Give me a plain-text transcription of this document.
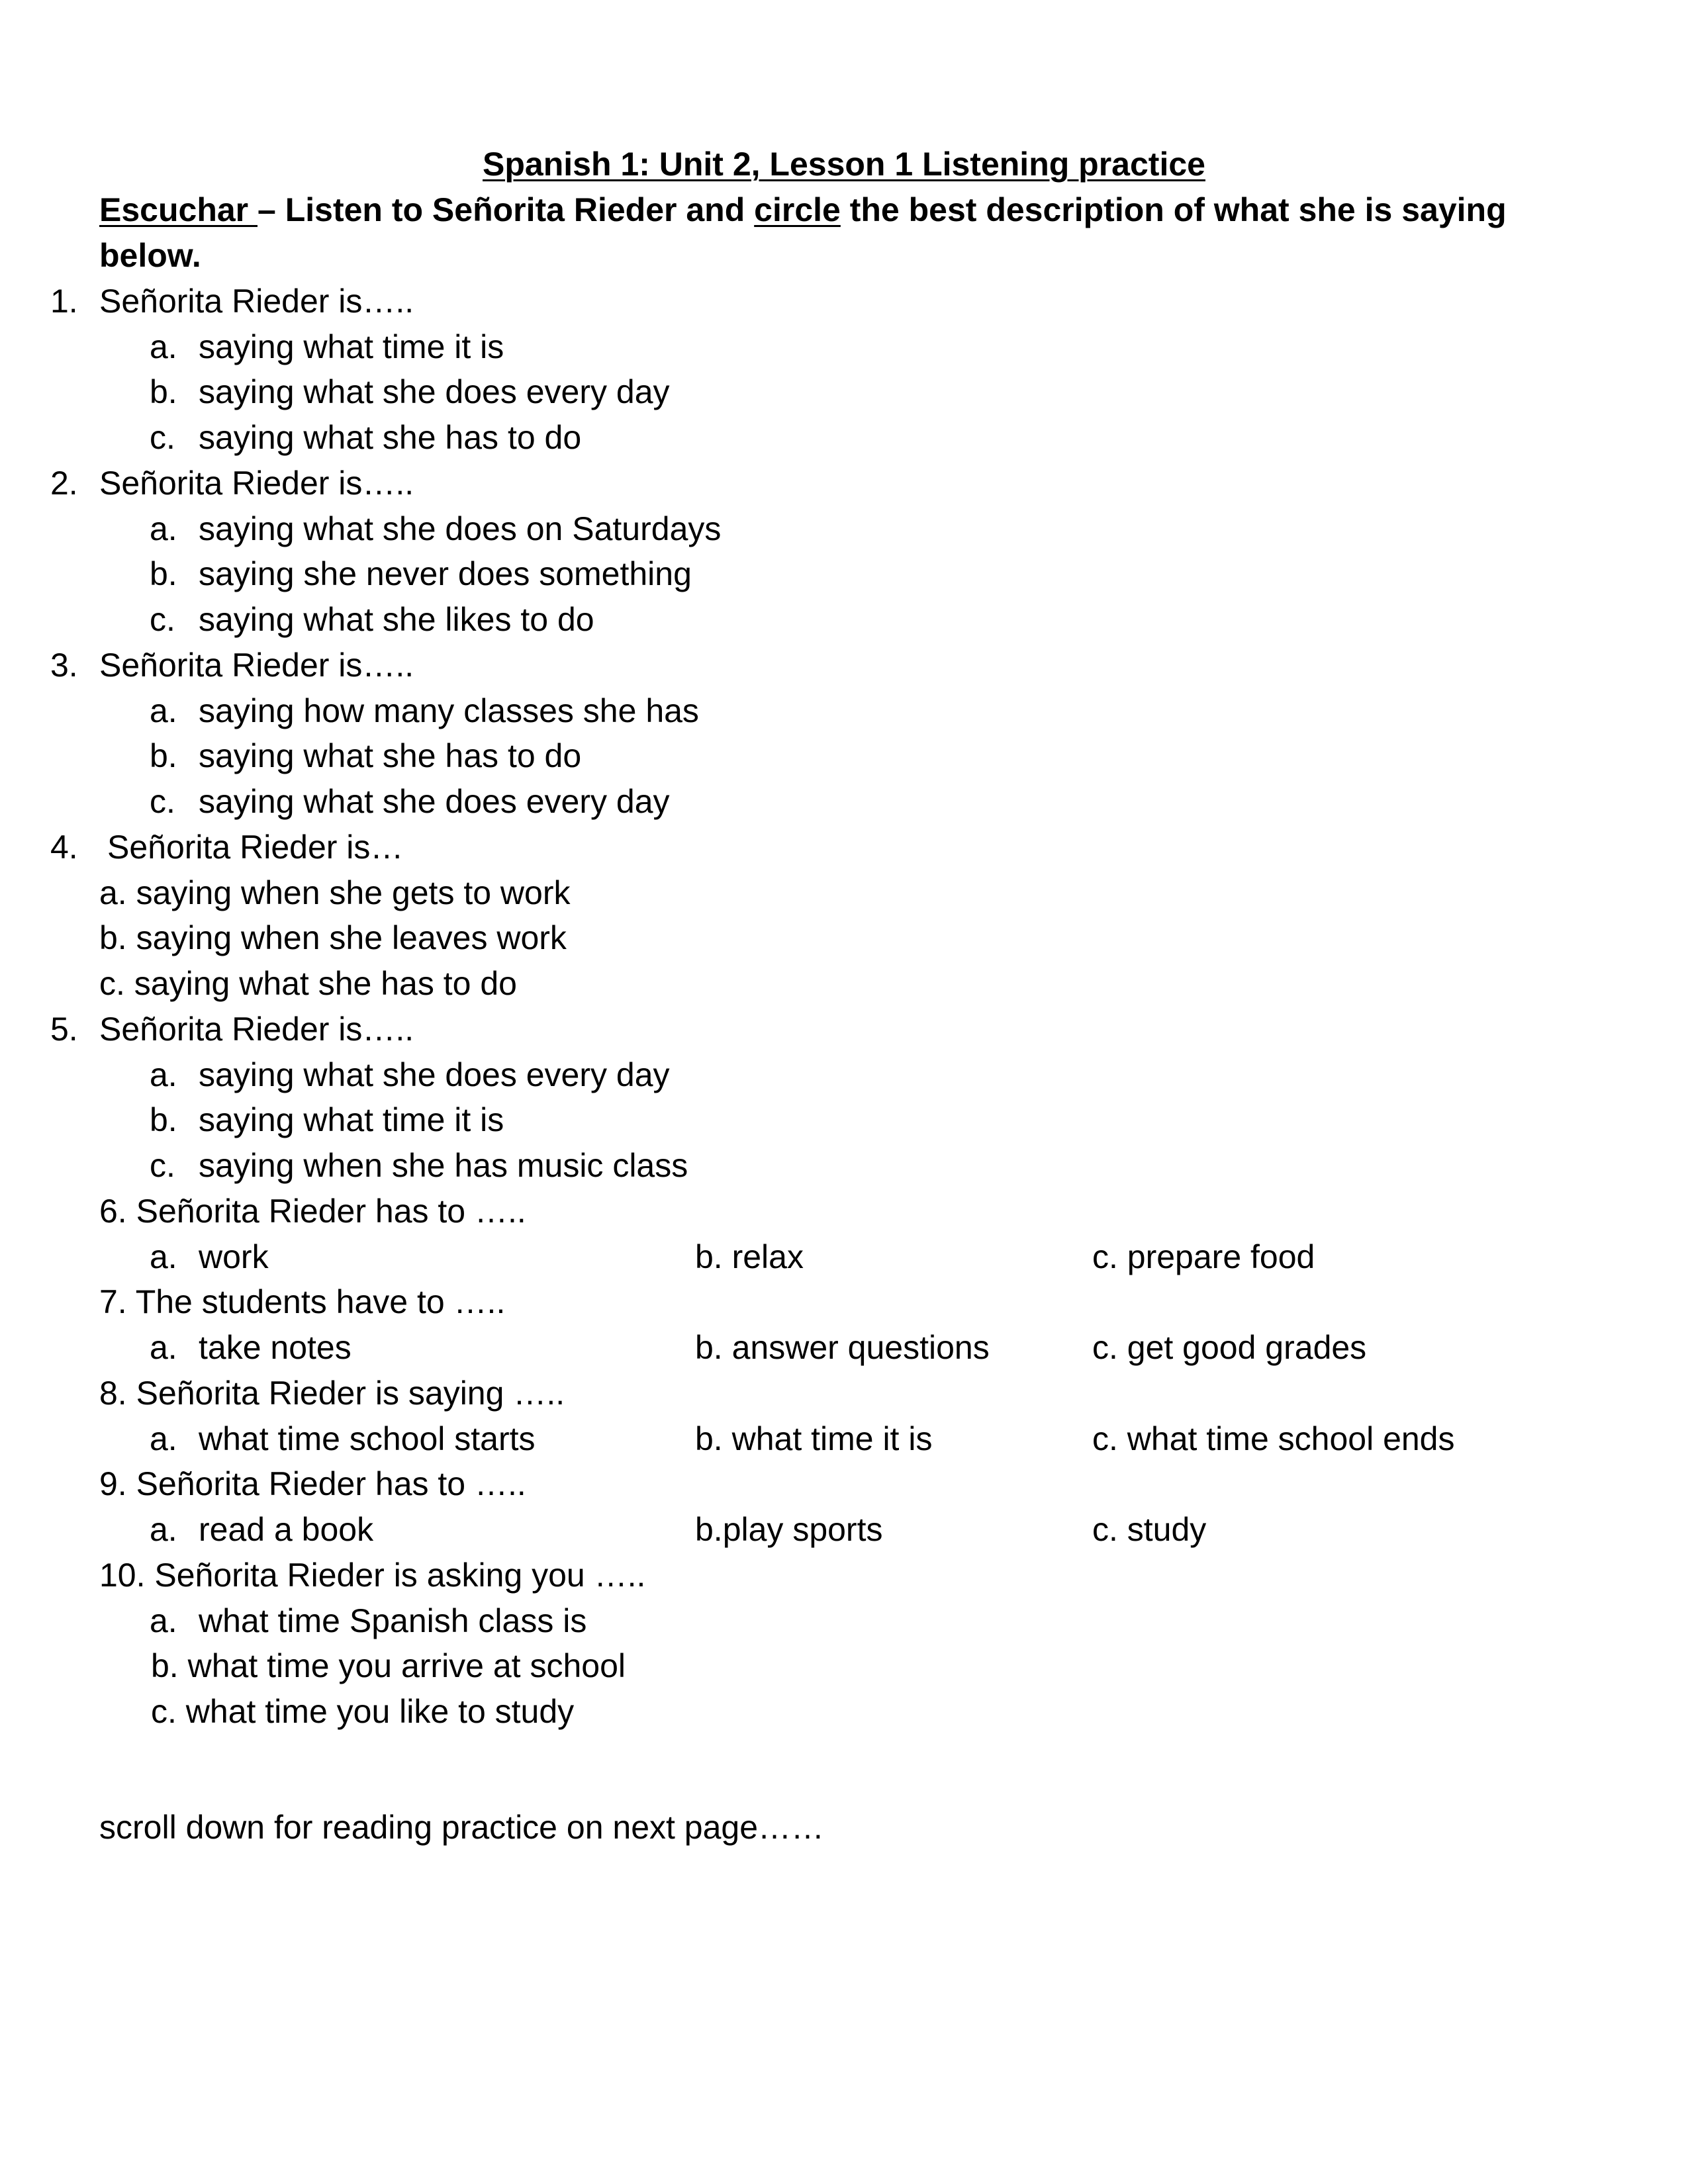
Spanish 1: Unit 2, Lesson 1 Listening practice
Escuchar – Listen to Señorita Rieder and circle the best description of what she is saying
below.
1. Señorita Rieder is…..
a. saying what time it is
b. saying what she does every day
c. saying what she has to do
2. Señorita Rieder is…..
a. saying what she does on Saturdays
b. saying she never does something
c. saying what she likes to do
3. Señorita Rieder is…..
a. saying how many classes she has
b. saying what she has to do
c. saying what she does every day
4. Señorita Rieder is…
a. saying when she gets to work
b. saying when she leaves work
c. saying what she has to do
5. Señorita Rieder is…..
a. saying what she does every day
b. saying what time it is
c. saying when she has music class
6. Señorita Rieder has to …..
a. work	b. relax	c. prepare food
7. The students have to …..
a. take notes	b. answer questions	c. get good grades
8. Señorita Rieder is saying …..
a. what time school starts	b. what time it is	c. what time school ends
9. Señorita Rieder has to …..
a. read a book	b.play sports	c. study
10. Señorita Rieder is asking you …..
a. what time Spanish class is
b. what time you arrive at school
c. what time you like to study
scroll down for reading practice on next page……
